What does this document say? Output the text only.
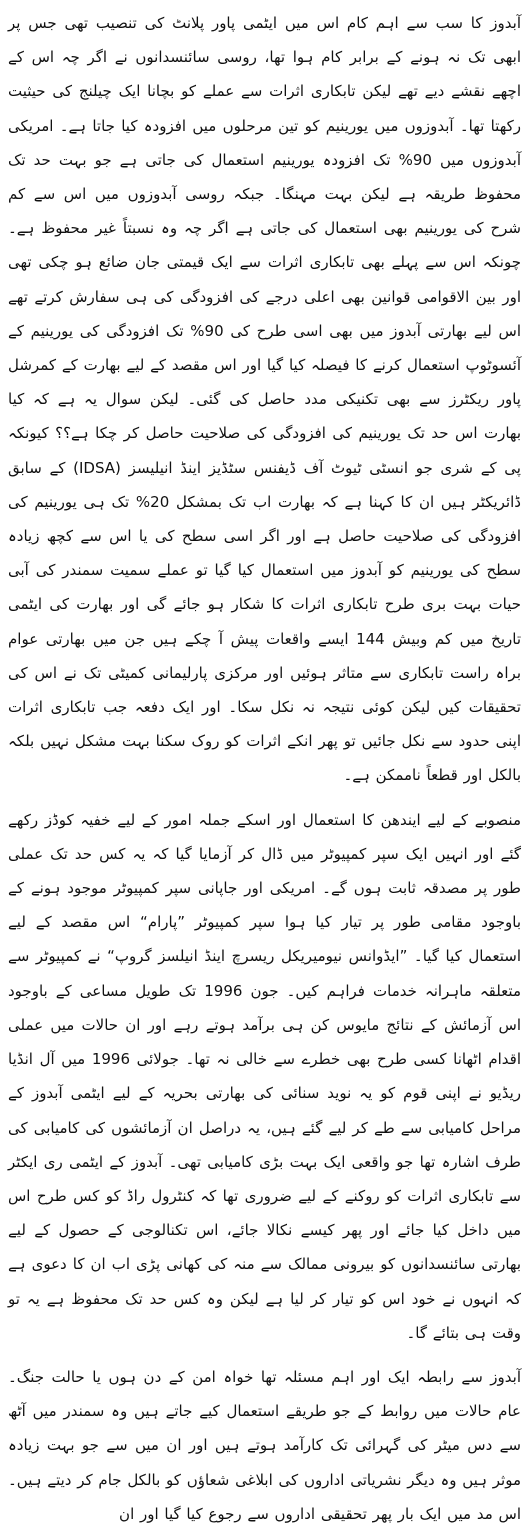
آبدوز کا سب سے اہم کام اس میں ایٹمی پاور پلانٹ کی تنصیب تھی جس پر ابھی تک نہ ہونے کے برابر کام ہوا تھا، روسی سائنسدانوں نے اگر چہ اس کے اچھے نقشے دیے تھے لیکن تابکاری اثرات سے عملے کو بچانا ایک چیلنج کی حیثیت رکھتا تھا۔ آبدوزوں میں یورینیم کو تین مرحلوں میں افزودہ کیا جاتا ہے۔ امریکی آبدوزوں میں 90% تک افزودہ یورینیم استعمال کی جاتی ہے جو بہت حد تک محفوظ طریقہ ہے لیکن بہت مہنگا۔ جبکہ روسی آبدوزوں میں اس سے کم شرح کی یورینیم بھی استعمال کی جاتی ہے اگر چہ وہ نسبتاً غیر محفوظ ہے۔ چونکہ اس سے پہلے بھی تابکاری اثرات سے ایک قیمتی جان ضائع ہو چکی تھی اور بین الاقوامی قوانین بھی اعلی درجے کی افزودگی کی ہی سفارش کرتے تھے اس لیے بھارتی آبدوز میں بھی اسی طرح کی 90% تک افزودگی کی یورینیم کے آئسوٹوپ استعمال کرنے کا فیصلہ کیا گیا اور اس مقصد کے لیے بھارت کے کمرشل پاور ریکٹرز سے بھی تکنیکی مدد حاصل کی گئی۔ لیکن سوال یہ ہے کہ کیا بھارت اس حد تک یورینیم کی افزودگی کی صلاحیت حاصل کر چکا ہے؟؟ کیونکہ پی کے شری جو انسٹی ٹیوٹ آف ڈیفنس سٹڈیز اینڈ انیلیسز (IDSA) کے سابق ڈائریکٹر ہیں ان کا کہنا ہے کہ بھارت اب تک بمشکل 20% تک ہی یورینیم کی افزودگی کی صلاحیت حاصل ہے اور اگر اسی سطح کی یا اس سے کچھ زیادہ سطح کی یورینیم کو آبدوز میں استعمال کیا گیا تو عملے سمیت سمندر کی آبی حیات بہت بری طرح تابکاری اثرات کا شکار ہو جائے گی اور بھارت کی ایٹمی تاریخ میں کم وبیش 144 ایسے واقعات پیش آ چکے ہیں جن میں بھارتی عوام براہ راست تابکاری سے متاثر ہوئیں اور مرکزی پارلیمانی کمیٹی تک نے اس کی تحقیقات کیں لیکن کوئی نتیجہ نہ نکل سکا۔ اور ایک دفعہ جب تابکاری اثرات اپنی حدود سے نکل جائیں تو پھر انکے اثرات کو روک سکنا بہت مشکل نہیں بلکہ بالکل اور قطعاً ناممکن ہے۔

منصوبے کے لیے ایندھن کا استعمال اور اسکے جملہ امور کے لیے خفیہ کوڈز رکھے گئے اور انہیں ایک سپر کمپیوٹر میں ڈال کر آزمایا گیا کہ یہ کس حد تک عملی طور پر مصدقہ ثابت ہوں گے۔ امریکی اور جاپانی سپر کمپیوٹر موجود ہونے کے باوجود مقامی طور پر تیار کیا ہوا سپر کمپیوٹر ”پارام“ اس مقصد کے لیے استعمال کیا گیا۔ ”ایڈوانس نیومیریکل ریسرچ اینڈ انیلسز گروپ“ نے کمپیوٹر سے متعلقہ ماہرانہ خدمات فراہم کیں۔ جون 1996 تک طویل مساعی کے باوجود اس آزمائش کے نتائج مایوس کن ہی برآمد ہوتے رہے اور ان حالات میں عملی اقدام اٹھانا کسی طرح بھی خطرے سے خالی نہ تھا۔ جولائی 1996 میں آل انڈیا ریڈیو نے اپنی قوم کو یہ نوید سنائی کی بھارتی بحریہ کے لیے ایٹمی آبدوز کے مراحل کامیابی سے طے کر لیے گئے ہیں، یہ دراصل ان آزمائشوں کی کامیابی کی طرف اشارہ تھا جو واقعی ایک بہت بڑی کامیابی تھی۔ آبدوز کے ایٹمی ری ایکٹر سے تابکاری اثرات کو روکنے کے لیے ضروری تھا کہ کنٹرول راڈ کو کس طرح اس میں داخل کیا جائے اور پھر کیسے نکالا جائے، اس تکنالوجی کے حصول کے لیے بھارتی سائنسدانوں کو بیرونی ممالک سے منہ کی کھانی پڑی اب ان کا دعوی ہے کہ انہوں نے خود اس کو تیار کر لیا ہے لیکن وہ کس حد تک محفوظ ہے یہ تو وقت ہی بتائے گا۔

آبدوز سے رابطہ ایک اور اہم مسئلہ تھا خواہ امن کے دن ہوں یا حالت جنگ۔ عام حالات میں روابط کے جو طریقے استعمال کیے جاتے ہیں وہ سمندر میں آٹھ سے دس میٹر کی گہرائی تک کارآمد ہوتے ہیں اور ان میں سے جو بہت زیادہ موثر ہیں وہ دیگر نشریاتی اداروں کی ابلاغی شعاؤں کو بالکل جام کر دیتے ہیں۔ اس مد میں ایک بار پھر تحقیقی اداروں سے رجوع کیا گیا اور ان
